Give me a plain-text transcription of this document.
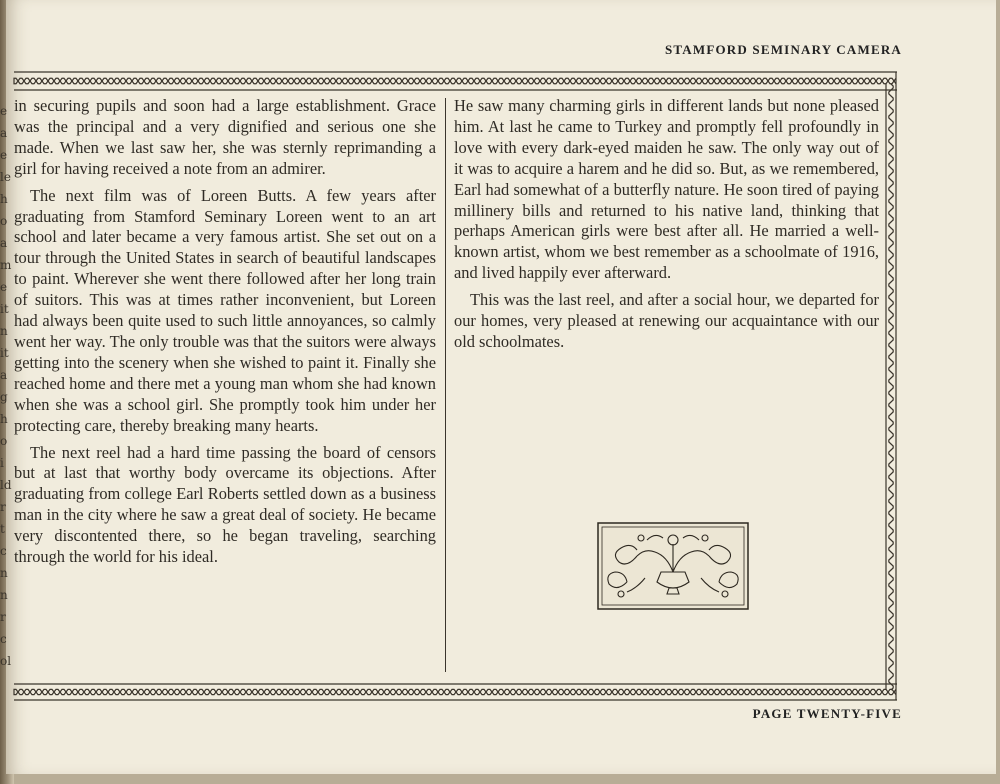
e
a
e
le
h
o
a
m
e
it
n
it
a
g
h
o
i
ld
r
t
c
n
n
r
c
ol
STAMFORD SEMINARY CAMERA

in securing pupils and soon had a large establishment. Grace was the principal and a very dignified and serious one she made. When we last saw her, she was sternly reprimanding a girl for having received a note from an admirer.

The next film was of Loreen Butts. A few years after graduating from Stamford Seminary Loreen went to an art school and later became a very famous artist. She set out on a tour through the United States in search of beautiful landscapes to paint. Wherever she went there followed after her long train of suitors. This was at times rather inconvenient, but Loreen had always been quite used to such little annoyances, so calmly went her way. The only trouble was that the suitors were always getting into the scenery when she wished to paint it. Finally she reached home and there met a young man whom she had known when she was a school girl. She promptly took him under her protecting care, thereby breaking many hearts.

The next reel had a hard time passing the board of censors but at last that worthy body overcame its objections. After graduating from college Earl Roberts settled down as a business man in the city where he saw a great deal of society. He became very discontented there, so he began traveling, searching through the world for his ideal.

He saw many charming girls in different lands but none pleased him. At last he came to Turkey and promptly fell profoundly in love with every dark-eyed maiden he saw. The only way out of it was to acquire a harem and he did so. But, as we remembered, Earl had somewhat of a butterfly nature. He soon tired of paying millinery bills and returned to his native land, thinking that perhaps American girls were best after all. He married a well-known artist, whom we best remember as a schoolmate of 1916, and lived happily ever afterward.

This was the last reel, and after a social hour, we departed for our homes, very pleased at renewing our acquaintance with our old schoolmates.

PAGE TWENTY-FIVE
